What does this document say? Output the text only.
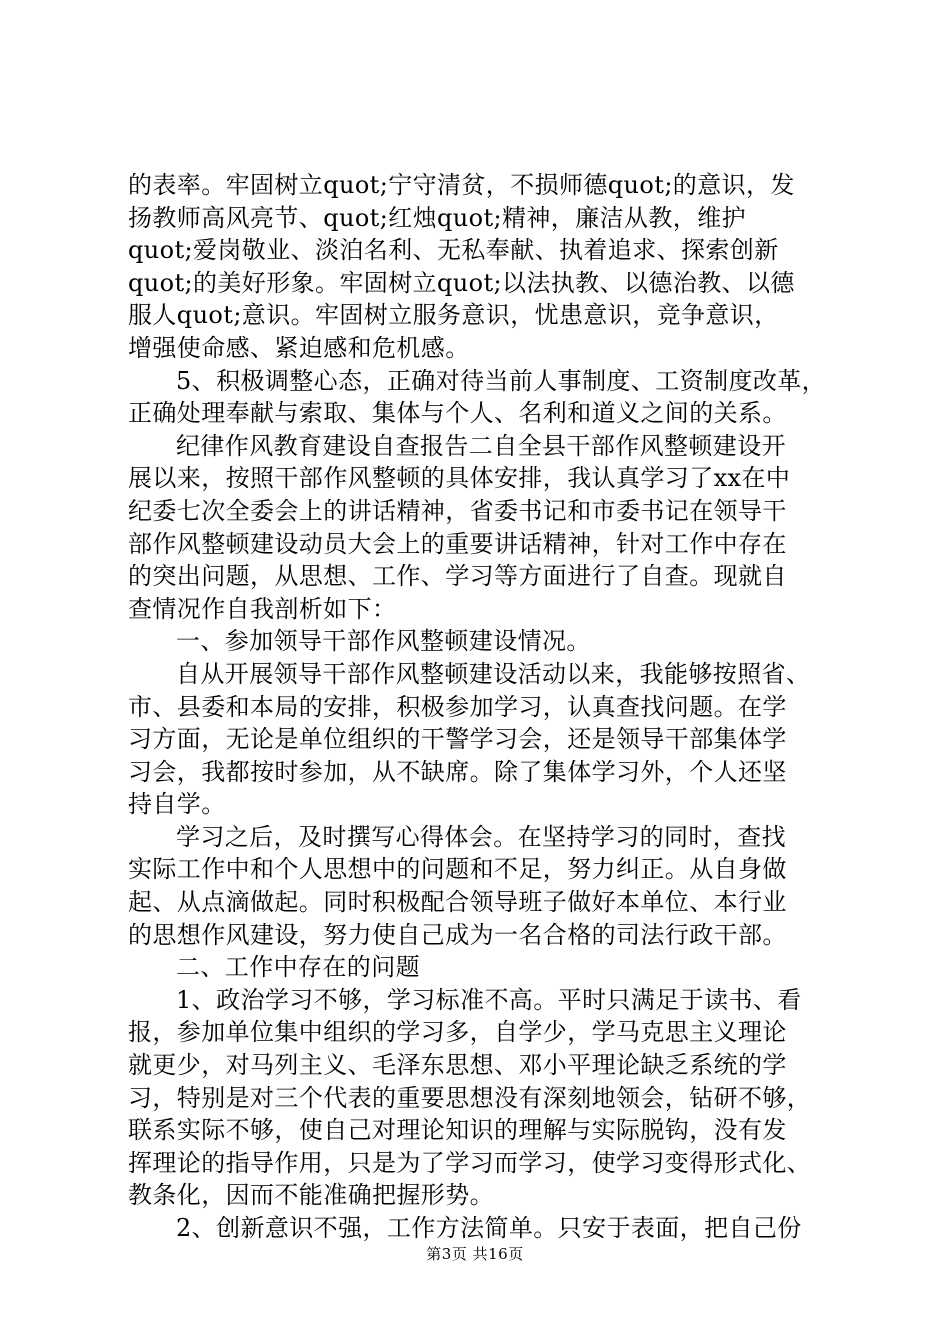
的表率。牢固树立quot;宁守清贫，不损师德quot;的意识，发
扬教师高风亮节、quot;红烛quot;精神，廉洁从教，维护
quot;爱岗敬业、淡泊名利、无私奉献、执着追求、探索创新
quot;的美好形象。牢固树立quot;以法执教、以德治教、以德
服人quot;意识。牢固树立服务意识，忧患意识，竞争意识，
增强使命感、紧迫感和危机感。
5、积极调整心态，正确对待当前人事制度、工资制度改革，
正确处理奉献与索取、集体与个人、名利和道义之间的关系。
纪律作风教育建设自查报告二自全县干部作风整顿建设开
展以来，按照干部作风整顿的具体安排，我认真学习了xx在中
纪委七次全委会上的讲话精神，省委书记和市委书记在领导干
部作风整顿建设动员大会上的重要讲话精神，针对工作中存在
的突出问题，从思想、工作、学习等方面进行了自查。现就自
查情况作自我剖析如下：
一、参加领导干部作风整顿建设情况。
自从开展领导干部作风整顿建设活动以来，我能够按照省、
市、县委和本局的安排，积极参加学习，认真查找问题。在学
习方面，无论是单位组织的干警学习会，还是领导干部集体学
习会，我都按时参加，从不缺席。除了集体学习外，个人还坚
持自学。
学习之后，及时撰写心得体会。在坚持学习的同时，查找
实际工作中和个人思想中的问题和不足，努力纠正。从自身做
起、从点滴做起。同时积极配合领导班子做好本单位、本行业
的思想作风建设，努力使自己成为一名合格的司法行政干部。
二、工作中存在的问题
1、政治学习不够，学习标准不高。平时只满足于读书、看
报，参加单位集中组织的学习多，自学少，学马克思主义理论
就更少，对马列主义、毛泽东思想、邓小平理论缺乏系统的学
习，特别是对三个代表的重要思想没有深刻地领会，钻研不够，
联系实际不够，使自己对理论知识的理解与实际脱钩，没有发
挥理论的指导作用，只是为了学习而学习，使学习变得形式化、
教条化，因而不能准确把握形势。
2、创新意识不强，工作方法简单。只安于表面，把自己份
第3页 共16页
